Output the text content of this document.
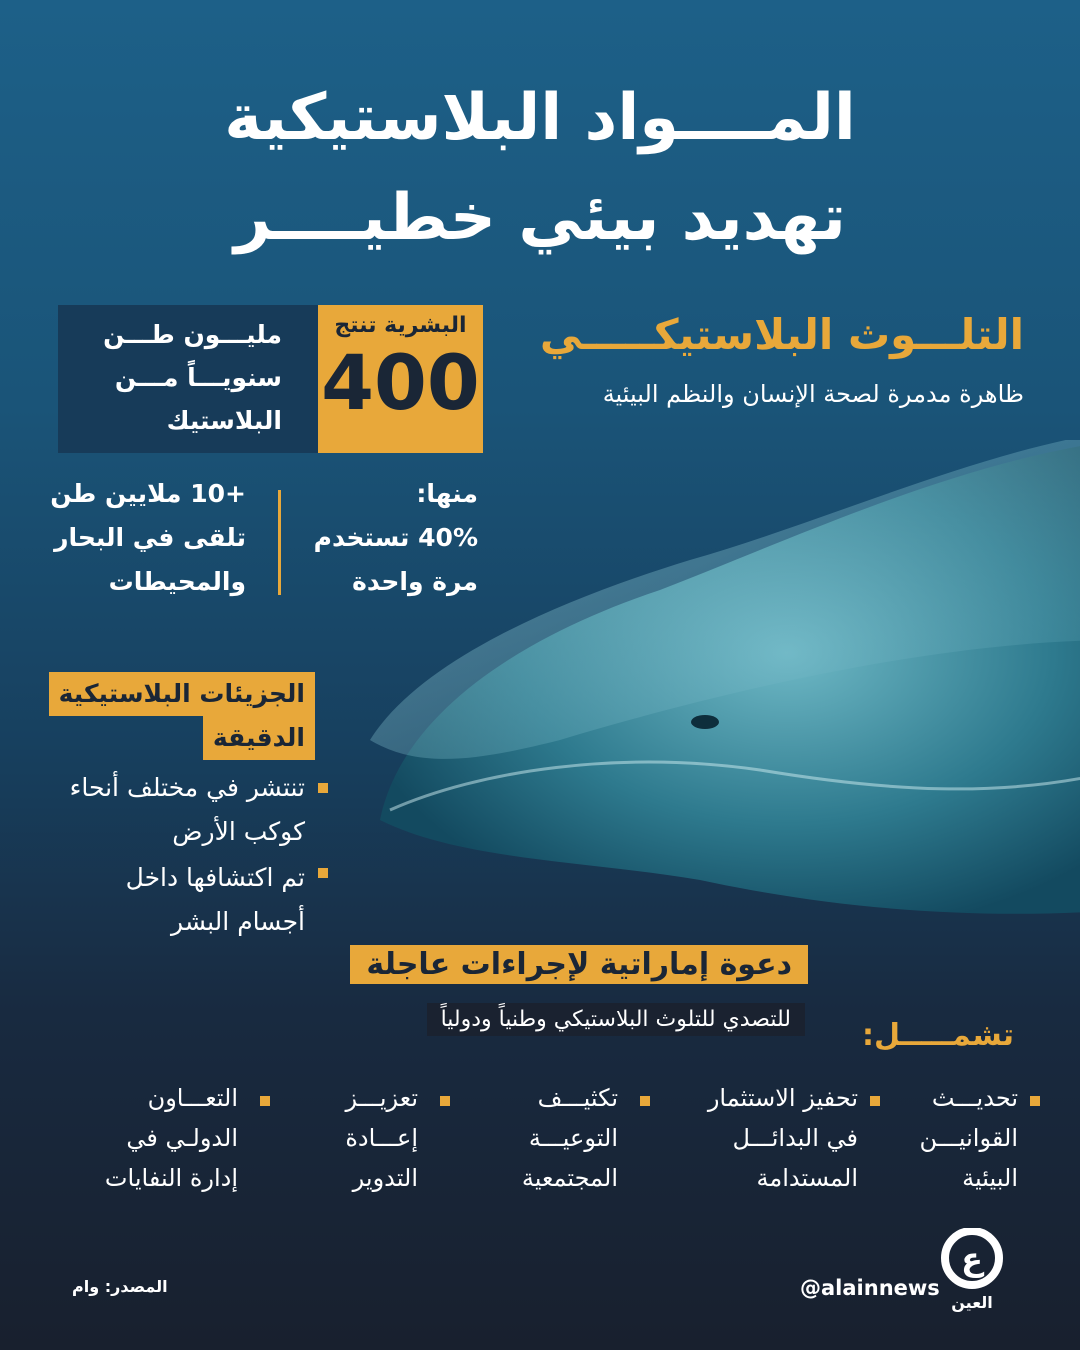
المــــواد البلاستيكية
تهديد بيئي خطيــــر
التلـــوث البلاستيكـــــي
ظاهرة مدمرة لصحة الإنسان والنظم البيئية
مليـــون طـــن
سنويـــاً مـــن
البلاستيك
البشرية تنتج
400
منها:
40% تستخدم
مرة واحدة
+10 ملايين طن
تلقى في البحار
والمحيطات
الجزيئات البلاستيكية
الدقيقة
تنتشر في مختلف أنحاء
كوكب الأرض
تم اكتشافها داخل
أجسام البشر
دعوة إماراتية لإجراءات عاجلة
للتصدي للتلوث البلاستيكي وطنياً ودولياً	تشمـــــل:
تحديـــث
القوانيـــن
البيئية
تحفيز الاستثمار
في البدائـــل
المستدامة
تكثيـــف
التوعيـــة
المجتمعية
تعزيـــز
إعـــادة
التدوير
التعـــاون
الدولـي في
إدارة النفايات
المصدر: وام	@alainnews
ع
العين
